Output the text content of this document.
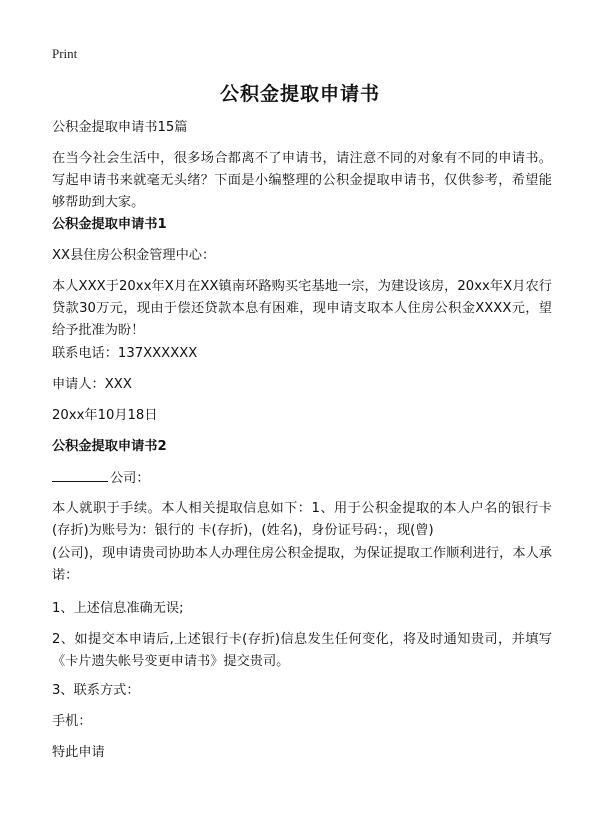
Print
公积金提取申请书
公积金提取申请书15篇
在当今社会生活中，很多场合都离不了申请书，请注意不同的对象有不同的申请书。写起申请书来就毫无头绪？下面是小编整理的公积金提取申请书，仅供参考，希望能够帮助到大家。
公积金提取申请书1
XX县住房公积金管理中心：
本人XXX于20xx年X月在XX镇南环路购买宅基地一宗，为建设该房，20xx年X月农行贷款30万元，现由于偿还贷款本息有困难，现申请支取本人住房公积金XXXX元，望给予批准为盼！
联系电话：137XXXXXX
申请人：XXX
20xx年10月18日
公积金提取申请书2
公司：
本人就职于手续。本人相关提取信息如下：1、用于公积金提取的本人户名的银行卡(存折)为账号为：银行的 卡(存折)，(姓名)，身份证号码：，现(曾)
(公司)，现申请贵司协助本人办理住房公积金提取，为保证提取工作顺利进行，本人承诺：
1、上述信息准确无误;
2、如提交本申请后,上述银行卡(存折)信息发生任何变化，将及时通知贵司，并填写《卡片遗失帐号变更申请书》提交贵司。
3、联系方式：
手机：
特此申请
